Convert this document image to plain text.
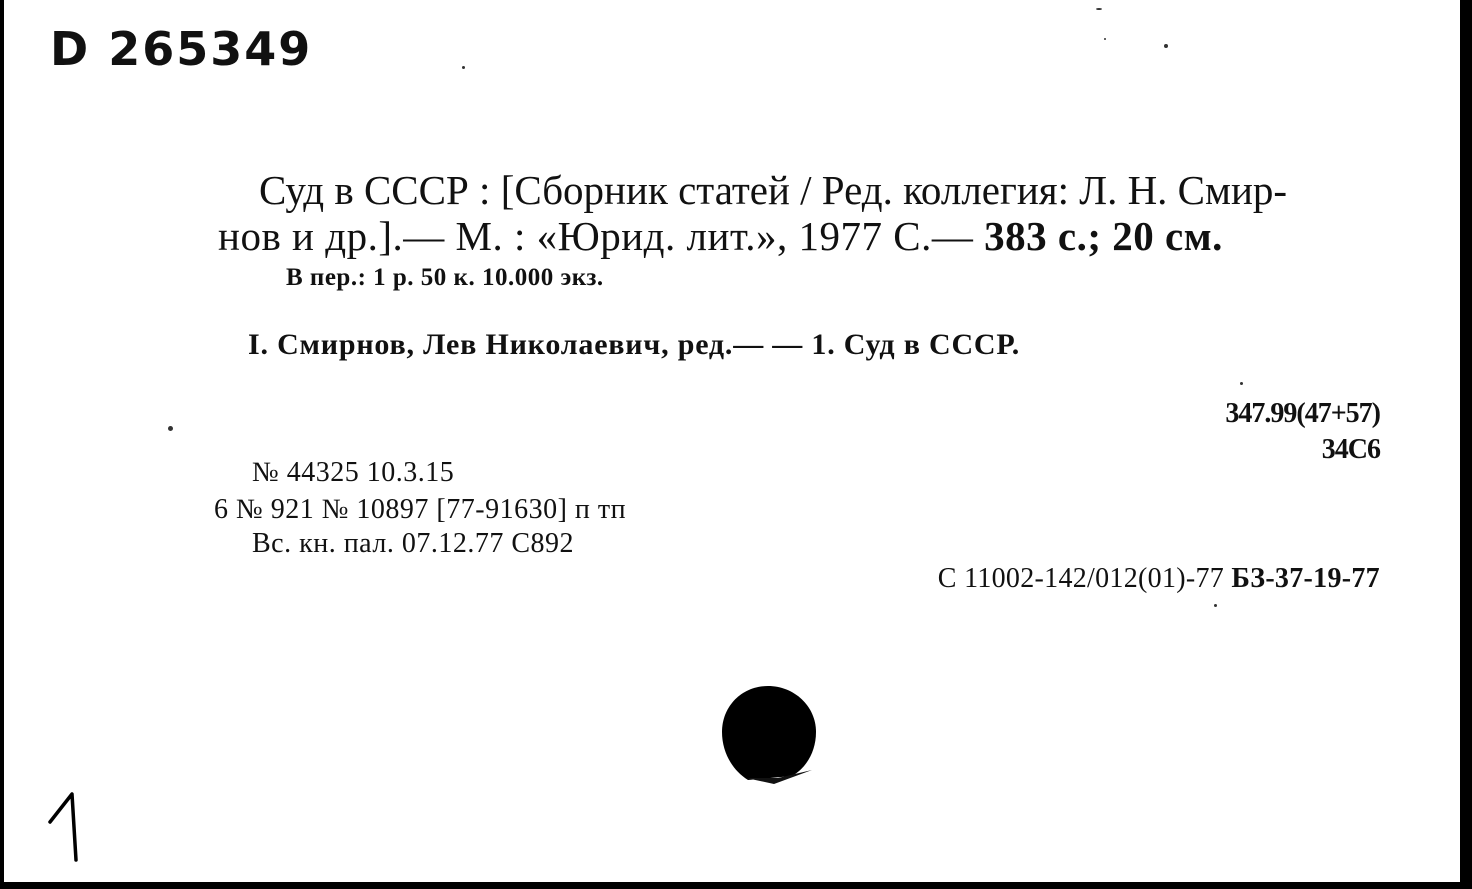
D 265349
Суд в СССР : [Сборник статей / Ред. коллегия: Л. Н. Смир-
нов и др.].— М. : «Юрид. лит.», 1977 С.— 383 с.; 20 см.
В пер.: 1 р. 50 к. 10.000 экз.
I. Смирнов, Лев Николаевич, ред.— — 1. Суд в СССР.
347.99(47+57)
34С6
№ 44325 10.3.15
6 № 921 № 10897 [77-91630] п тп
Вс. кн. пал. 07.12.77 С892
С 11002-142/012(01)-77 БЗ-37-19-77
